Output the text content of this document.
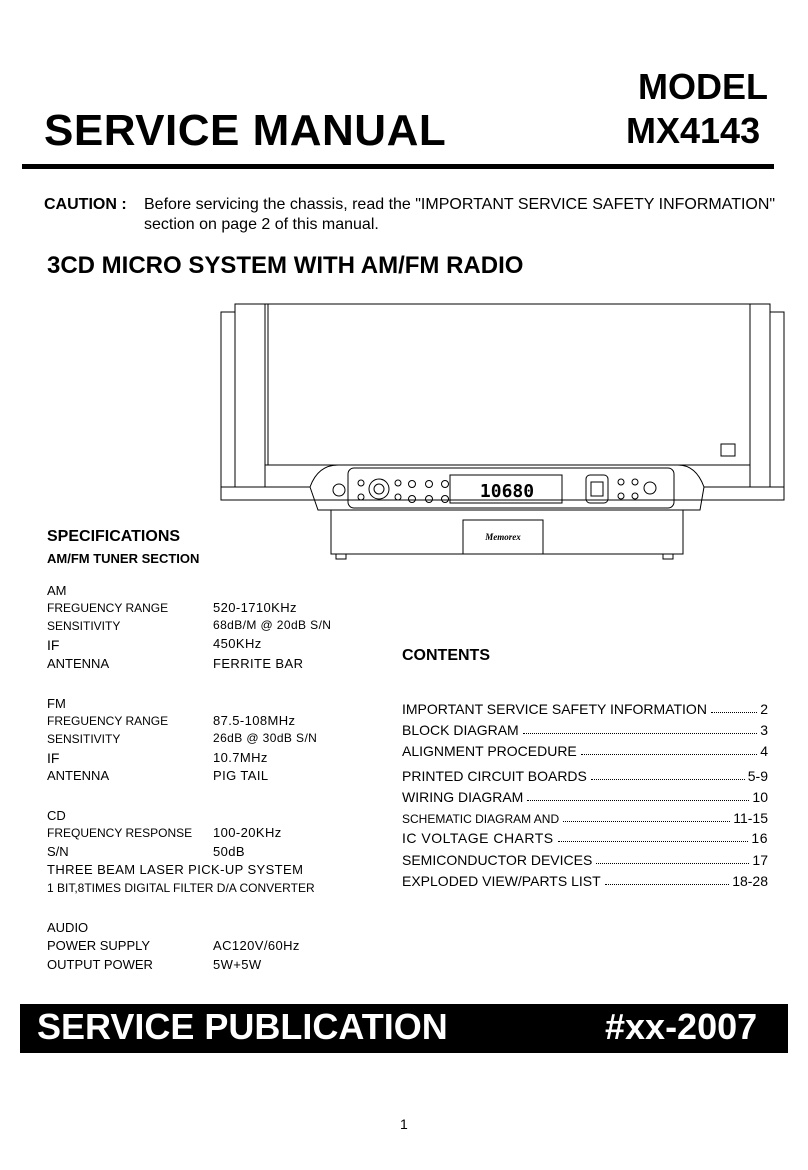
MODEL
MX4143
SERVICE MANUAL
CAUTION : Before servicing the chassis, read the "IMPORTANT SERVICE SAFETY INFORMATION"
section on page 2 of this manual.
3CD MICRO SYSTEM WITH AM/FM RADIO
10680
Memorex
SPECIFICATIONS
AM/FM TUNER SECTION
AM
FREGUENCY RANGE	520-1710KHz
SENSITIVITY	68dB/M @ 20dB S/N
IF	450KHz
ANTENNA	FERRITE BAR
FM
FREGUENCY RANGE	87.5-108MHz
SENSITIVITY	26dB @ 30dB S/N
IF	10.7MHz
ANTENNA	PIG TAIL
CD
FREQUENCY RESPONSE 100-20KHz
S/N	50dB
THREE BEAM LASER PICK-UP SYSTEM
1 BIT,8TIMES DIGITAL FILTER D/A CONVERTER
AUDIO
POWER SUPPLY	AC120V/60Hz
OUTPUT POWER	5W+5W
CONTENTS
IMPORTANT SERVICE SAFETY INFORMATION	2
BLOCK DIAGRAM	3
ALIGNMENT PROCEDURE	4
PRINTED CIRCUIT BOARDS	5-9
WIRING DIAGRAM	10
SCHEMATIC DIAGRAM AND	11-15
IC VOLTAGE CHARTS	16
SEMICONDUCTOR DEVICES	17
EXPLODED VIEW/PARTS LIST	18-28
SERVICE PUBLICATION	#xx-2007
1
